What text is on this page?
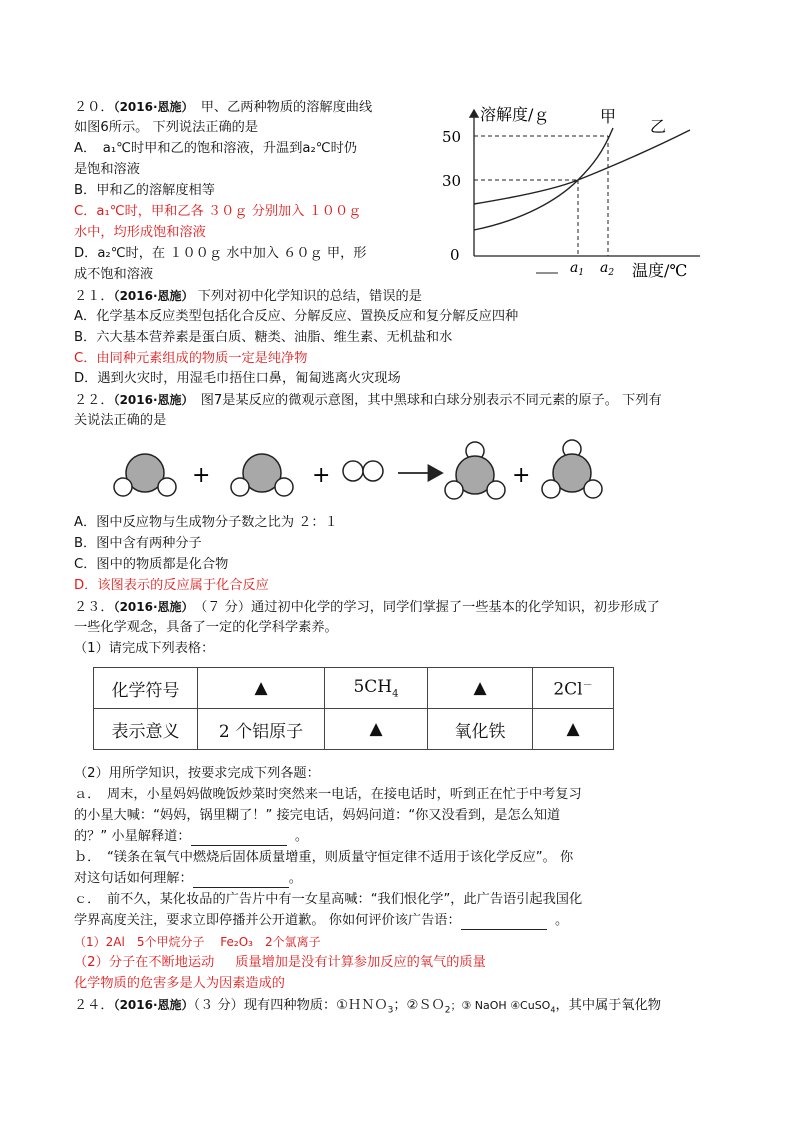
２０．（2016·恩施）　甲、乙两种物质的溶解度曲线
如图6所示。 下列说法正确的是
A．　a₁℃时甲和乙的饱和溶液，升温到a₂℃时仍
是饱和溶液
B．甲和乙的溶解度相等
C．a₁℃时，甲和乙各 ３０ｇ 分别加入 １００ｇ
水中，均形成饱和溶液
D．a₂℃时，在 １００ｇ 水中加入 ６０ｇ 甲，形
成不饱和溶液
溶解度/ｇ	甲
乙
50
30
0
$a_1$ $a_2$ 温度/℃
２１．（2016·恩施） 下列对初中化学知识的总结，错误的是
A．化学基本反应类型包括化合反应、分解反应、置换反应和复分解反应四种
B．六大基本营养素是蛋白质、糖类、油脂、维生素、无机盐和水
C．由同种元素组成的物质一定是纯净物
D．遇到火灾时，用湿毛巾捂住口鼻，匍匐逃离火灾现场
２２．（2016·恩施）　图7是某反应的微观示意图，其中黑球和白球分别表示不同元素的原子。 下列有
关说法正确的是
+	+	+
A．图中反应物与生成物分子数之比为 ２：１
B．图中含有两种分子
C．图中的物质都是化合物
D．该图表示的反应属于化合反应
２３．（2016·恩施）　（７ 分）通过初中化学的学习，同学们掌握了一些基本的化学知识，初步形成了
一些化学观念，具备了一定的化学科学素养。
（1）请完成下列表格：
化学符号	▲	$5CH_4$	▲	2Cl－
表示意义	2 个铝原子	▲	氧化铁	▲
（2）用所学知识，按要求完成下列各题：
ａ．　周末，小星妈妈做晚饭炒菜时突然来一电话，在接电话时，听到正在忙于中考复习
的小星大喊：“妈妈，锅里糊了！” 接完电话，妈妈问道：“你又没看到，是怎么知道
的？” 小星解释道：	。
ｂ．　“镁条在氧气中燃烧后固体质量增重，则质量守恒定律不适用于该化学反应”。 你
对这句话如何理解：	。
ｃ．　前不久，某化妆品的广告片中有一女星高喊：“我们恨化学”，此广告语引起我国化
学界高度关注，要求立即停播并公开道歉。 你如何评价该广告语：	。
（1）2Al　5个甲烷分子　 Fe₂O₃　2个氯离子
（2）分子在不断地运动 质量增加是没有计算参加反应的氧气的质量
化学物质的危害多是人为因素造成的
２４．（2016·恩施）（３ 分）现有四种物质：①ＨＮＯ$_3$；②ＳＯ$_2$；③ NaOH ④CuSO$_4$，其中属于氧化物
